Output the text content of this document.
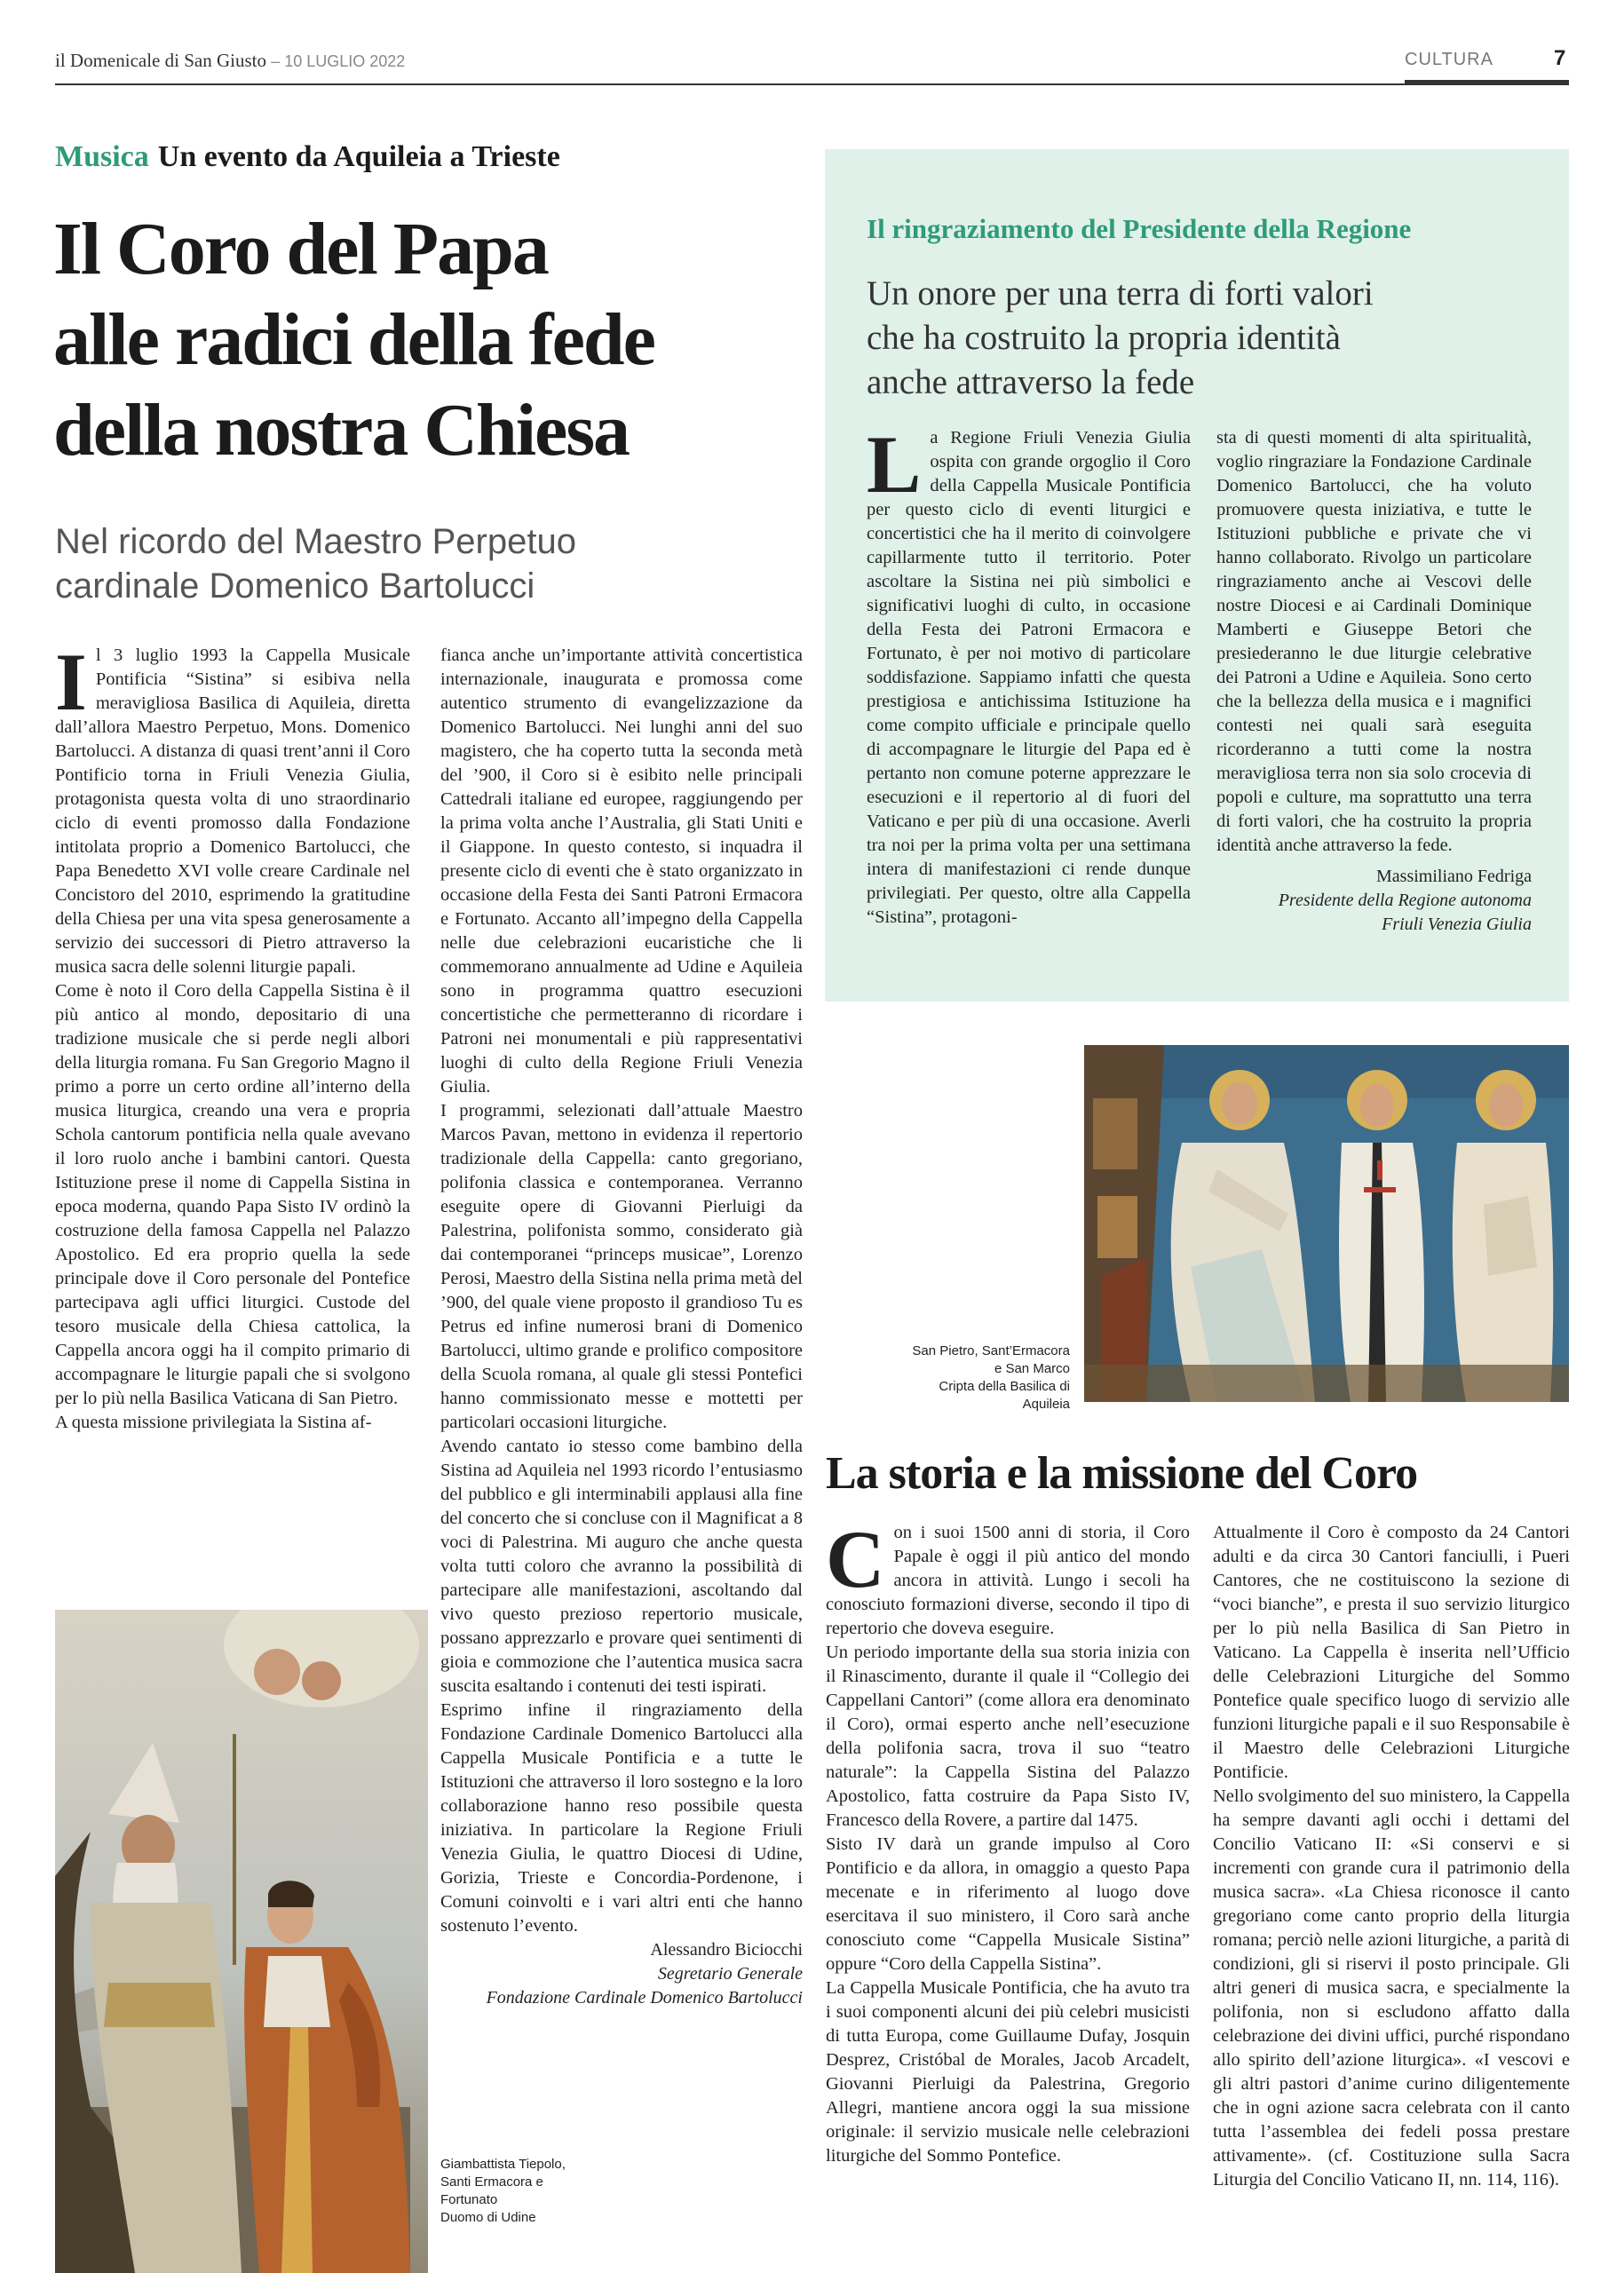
il Domenicale di San Giusto – 10 LUGLIO 2022	CULTURA	7
Musica Un evento da Aquileia a Trieste
Il Coro del Papa
alle radici della fede
della nostra Chiesa
Nel ricordo del Maestro Perpetuo
cardinale Domenico Bartolucci
I l 3 luglio 1993 la Cappella Musicale Pontificia “Sistina” si esibiva nella meravigliosa Basilica di Aquileia, diretta dall’allora Maestro Perpetuo, Mons. Domenico Bartolucci. A distanza di quasi trent’anni il Coro Pontificio torna in Friuli Venezia Giulia, protagonista questa volta di uno straordinario ciclo di eventi promosso dalla Fondazione intitolata proprio a Domenico Bartolucci, che Papa Benedetto XVI volle creare Cardinale nel Concistoro del 2010, esprimendo la gratitudine della Chiesa per una vita spesa generosamente a servizio dei successori di Pietro attraverso la musica sacra delle solenni liturgie papali.

Come è noto il Coro della Cappella Sistina è il più antico al mondo, depositario di una tradizione musicale che si perde negli albori della liturgia romana. Fu San Gregorio Magno il primo a porre un certo ordine all’interno della musica liturgica, creando una vera e propria Schola cantorum pontificia nella quale avevano il loro ruolo anche i bambini cantori. Questa Istituzione prese il nome di Cappella Sistina in epoca moderna, quando Papa Sisto IV ordinò la costruzione della famosa Cappella nel Palazzo Apostolico. Ed era proprio quella la sede principale dove il Coro personale del Pontefice partecipava agli uffici liturgici. Custode del tesoro musicale della Chiesa cattolica, la Cappella ancora oggi ha il compito primario di accompagnare le liturgie papali che si svolgono per lo più nella Basilica Vaticana di San Pietro.

A questa missione privilegiata la Sistina af-

fianca anche un’importante attività concertistica internazionale, inaugurata e promossa come autentico strumento di evangelizzazione da Domenico Bartolucci. Nei lunghi anni del suo magistero, che ha coperto tutta la seconda metà del ’900, il Coro si è esibito nelle principali Cattedrali italiane ed europee, raggiungendo per la prima volta anche l’Australia, gli Stati Uniti e il Giappone. In questo contesto, si inquadra il presente ciclo di eventi che è stato organizzato in occasione della Festa dei Santi Patroni Ermacora e Fortunato. Accanto all’impegno della Cappella nelle due celebrazioni eucaristiche che li commemorano annualmente ad Udine e Aquileia sono in programma quattro esecuzioni concertistiche che permetteranno di ricordare i Patroni nei monumentali e più rappresentativi luoghi di culto della Regione Friuli Venezia Giulia.

I programmi, selezionati dall’attuale Maestro Marcos Pavan, mettono in evidenza il repertorio tradizionale della Cappella: canto gregoriano, polifonia classica e contemporanea. Verranno eseguite opere di Giovanni Pierluigi da Palestrina, polifonista sommo, considerato già dai contemporanei “princeps musicae”, Lorenzo Perosi, Maestro della Sistina nella prima metà del ’900, del quale viene proposto il grandioso Tu es Petrus ed infine numerosi brani di Domenico Bartolucci, ultimo grande e prolifico compositore della Scuola romana, al quale gli stessi Pontefici hanno commissionato messe e mottetti per particolari occasioni liturgiche.

Avendo cantato io stesso come bambino della Sistina ad Aquileia nel 1993 ricordo l’entusiasmo del pubblico e gli interminabili applausi alla fine del concerto che si concluse con il Magnificat a 8 voci di Palestrina. Mi auguro che anche questa volta tutti coloro che avranno la possibilità di partecipare alle manifestazioni, ascoltando dal vivo questo prezioso repertorio musicale, possano apprezzarlo e provare quei sentimenti di gioia e commozione che l’autentica musica sacra suscita esaltando i contenuti dei testi ispirati.

Esprimo infine il ringraziamento della Fondazione Cardinale Domenico Bartolucci alla Cappella Musicale Pontificia e a tutte le Istituzioni che attraverso il loro sostegno e la loro collaborazione hanno reso possibile questa iniziativa. In particolare la Regione Friuli Venezia Giulia, le quattro Diocesi di Udine, Gorizia, Trieste e Concordia-Pordenone, i Comuni coinvolti e i vari altri enti che hanno sostenuto l’evento.

Alessandro Biciocchi
Segretario Generale
Fondazione Cardinale Domenico Bartolucci
Giambattista Tiepolo,
Santi Ermacora e
Fortunato
Duomo di Udine
Il ringraziamento del Presidente della Regione
Un onore per una terra di forti valori
che ha costruito la propria identità
anche attraverso la fede
L a Regione Friuli Venezia Giulia ospita con grande orgoglio il Coro della Cappella Musicale Pontificia per questo ciclo di eventi liturgici e concertistici che ha il merito di coinvolgere capillarmente tutto il territorio. Poter ascoltare la Sistina nei più simbolici e significativi luoghi di culto, in occasione della Festa dei Patroni Ermacora e Fortunato, è per noi motivo di particolare soddisfazione. Sappiamo infatti che questa prestigiosa e antichissima Istituzione ha come compito ufficiale e principale quello di accompagnare le liturgie del Papa ed è pertanto non comune poterne apprezzare le esecuzioni e il repertorio al di fuori del Vaticano e per più di una occasione. Averli tra noi per la prima volta per una settimana intera di manifestazioni ci rende dunque privilegiati. Per questo, oltre alla Cappella “Sistina”, protagoni-

sta di questi momenti di alta spiritualità, voglio ringraziare la Fondazione Cardinale Domenico Bartolucci, che ha voluto promuovere questa iniziativa, e tutte le Istituzioni pubbliche e private che vi hanno collaborato. Rivolgo un particolare ringraziamento anche ai Vescovi delle nostre Diocesi e ai Cardinali Dominique Mamberti e Giuseppe Betori che presiederanno le due liturgie celebrative dei Patroni a Udine e Aquileia. Sono certo che la bellezza della musica e i magnifici contesti nei quali sarà eseguita ricorderanno a tutti come la nostra meravigliosa terra non sia solo crocevia di popoli e culture, ma soprattutto una terra di forti valori, che ha costruito la propria identità anche attraverso la fede.

Massimiliano Fedriga
Presidente della Regione autonoma
Friuli Venezia Giulia
San Pietro, Sant’Ermacora
e San Marco
Cripta della Basilica di
Aquileia
La storia e la missione del Coro
C on i suoi 1500 anni di storia, il Coro Papale è oggi il più antico del mondo ancora in attività. Lungo i secoli ha conosciuto formazioni diverse, secondo il tipo di repertorio che doveva eseguire.

Un periodo importante della sua storia inizia con il Rinascimento, durante il quale il “Collegio dei Cappellani Cantori” (come allora era denominato il Coro), ormai esperto anche nell’esecuzione della polifonia sacra, trova il suo “teatro naturale”: la Cappella Sistina del Palazzo Apostolico, fatta costruire da Papa Sisto IV, Francesco della Rovere, a partire dal 1475.

Sisto IV darà un grande impulso al Coro Pontificio e da allora, in omaggio a questo Papa mecenate e in riferimento al luogo dove esercitava il suo ministero, il Coro sarà anche conosciuto come “Cappella Musicale Sistina” oppure “Coro della Cappella Sistina”.

La Cappella Musicale Pontificia, che ha avuto tra i suoi componenti alcuni dei più celebri musicisti di tutta Europa, come Guillaume Dufay, Josquin Desprez, Cristóbal de Morales, Jacob Arcadelt, Giovanni Pierluigi da Palestrina, Gregorio Allegri, mantiene ancora oggi la sua missione originale: il servizio musicale nelle celebrazioni liturgiche del Sommo Pontefice.

Attualmente il Coro è composto da 24 Cantori adulti e da circa 30 Cantori fanciulli, i Pueri Cantores, che ne costituiscono la sezione di “voci bianche”, e presta il suo servizio liturgico per lo più nella Basilica di San Pietro in Vaticano. La Cappella è inserita nell’Ufficio delle Celebrazioni Liturgiche del Sommo Pontefice quale specifico luogo di servizio alle funzioni liturgiche papali e il suo Responsabile è il Maestro delle Celebrazioni Liturgiche Pontificie.

Nello svolgimento del suo ministero, la Cappella ha sempre davanti agli occhi i dettami del Concilio Vaticano II: «Si conservi e si incrementi con grande cura il patrimonio della musica sacra». «La Chiesa riconosce il canto gregoriano come canto proprio della liturgia romana; perciò nelle azioni liturgiche, a parità di condizioni, gli si riservi il posto principale. Gli altri generi di musica sacra, e specialmente la polifonia, non si escludono affatto dalla celebrazione dei divini uffici, purché rispondano allo spirito dell’azione liturgica». «I vescovi e gli altri pastori d’anime curino diligentemente che in ogni azione sacra celebrata con il canto tutta l’assemblea dei fedeli possa prestare attivamente». (cf. Costituzione sulla Sacra Liturgia del Concilio Vaticano II, nn. 114, 116).
